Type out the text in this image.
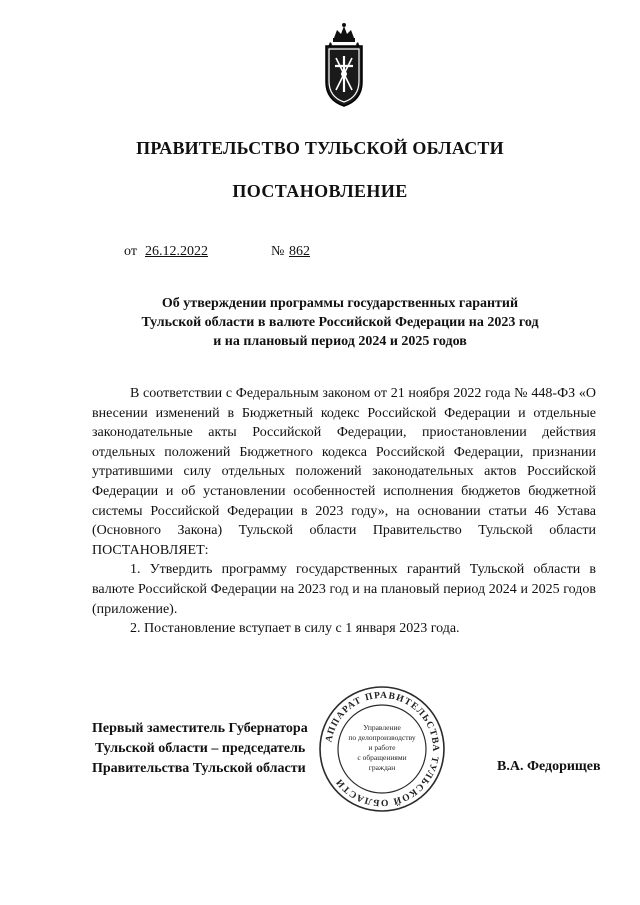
ПРАВИТЕЛЬСТВО ТУЛЬСКОЙ ОБЛАСТИ
ПОСТАНОВЛЕНИЕ
от 26.12.2022	№ 862
Об утверждении программы государственных гарантий
Тульской области в валюте Российской Федерации на 2023 год
и на плановый период 2024 и 2025 годов

В соответствии с Федеральным законом от 21 ноября 2022 года № 448-ФЗ «О внесении изменений в Бюджетный кодекс Российской Федерации и отдельные законодательные акты Российской Федерации, приостановлении действия отдельных положений Бюджетного кодекса Российской Федерации, признании утратившими силу отдельных положений законодательных актов Российской Федерации и об установлении особенностей исполнения бюджетов бюджетной системы Российской Федерации в 2023 году», на основании статьи 46 Устава (Основного Закона) Тульской области Правительство Тульской области ПОСТАНОВЛЯЕТ:

1. Утвердить программу государственных гарантий Тульской области в валюте Российской Федерации на 2023 год и на плановый период 2024 и 2025 годов (приложение).

2. Постановление вступает в силу с 1 января 2023 года.

Первый заместитель Губернатора
Тульской области – председатель
Правительства Тульской области	В.А. Федорищев
АППАРАТ ПРАВИТЕЛЬСТВА ТУЛЬСКОЙ ОБЛАСТИ
Управление
по делопроизводству
и работе
с обращениями
граждан
